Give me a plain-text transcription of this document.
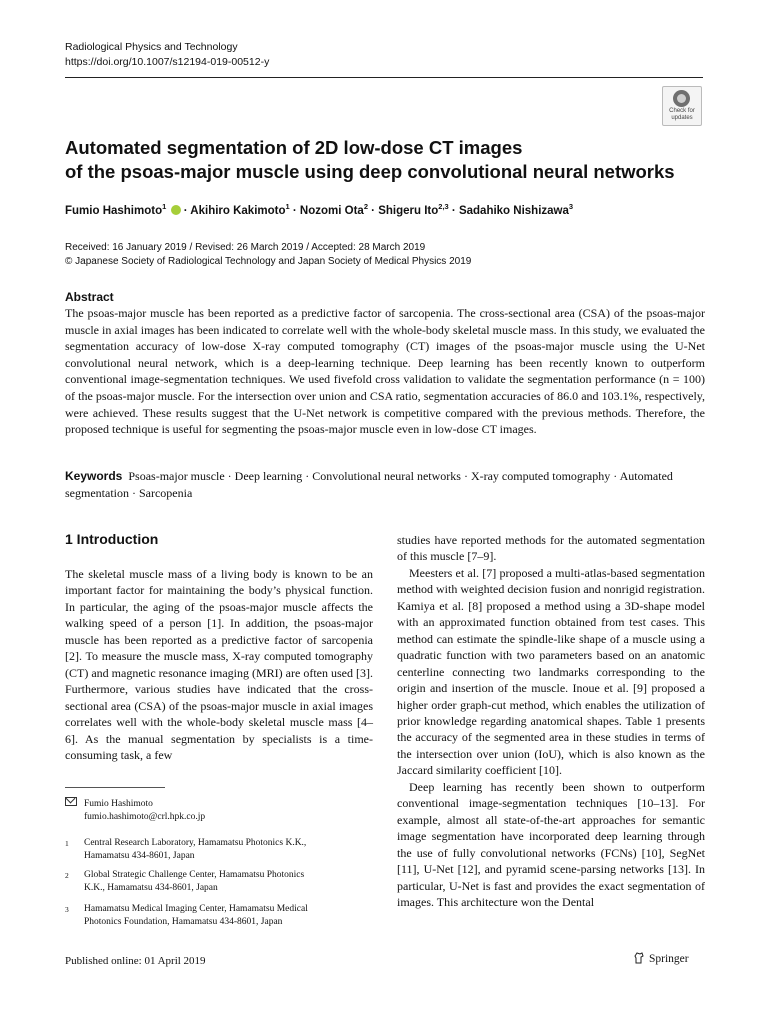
Radiological Physics and Technology
https://doi.org/10.1007/s12194-019-00512-y
Check for
updates
Automated segmentation of 2D low-dose CT images
of the psoas-major muscle using deep convolutional neural networks
Fumio Hashimoto$^1$  · Akihiro Kakimoto$^1$ · Nozomi Ota$^2$ · Shigeru Ito$^{2,3}$ · Sadahiko Nishizawa$^3$
Received: 16 January 2019 / Revised: 26 March 2019 / Accepted: 28 March 2019
© Japanese Society of Radiological Technology and Japan Society of Medical Physics 2019
Abstract
The psoas-major muscle has been reported as a predictive factor of sarcopenia. The cross-sectional area (CSA) of the psoas-major muscle in axial images has been indicated to correlate well with the whole-body skeletal muscle mass. In this study, we evaluated the segmentation accuracy of low-dose X-ray computed tomography (CT) images of the psoas-major muscle using the U-Net convolutional neural network, which is a deep-learning technique. Deep learning has been recently known to outperform conventional image-segmentation techniques. We used fivefold cross validation to validate the segmentation performance (n = 100) of the psoas-major muscle. For the intersection over union and CSA ratio, segmentation accuracies of 86.0 and 103.1%, respectively, were achieved. These results suggest that the U-Net network is competitive compared with the previous methods. Therefore, the proposed technique is useful for segmenting the psoas-major muscle even in low-dose CT images.
Keywords Psoas-major muscle · Deep learning · Convolutional neural networks · X-ray computed tomography · Automated segmentation · Sarcopenia
1 Introduction

The skeletal muscle mass of a living body is known to be an important factor for maintaining the body’s physical function. In particular, the aging of the psoas-major muscle affects the walking speed of a person [1]. In addition, the psoas-major muscle has been reported as a predictive factor of sarcopenia [2]. To measure the muscle mass, X-ray computed tomography (CT) and magnetic resonance imaging (MRI) are often used [3]. Furthermore, various studies have indicated that the cross-sectional area (CSA) of the psoas-major muscle in axial images correlates well with the whole-body skeletal muscle mass [4–6]. As the manual segmentation by specialists is a time-consuming task, a few

studies have reported methods for the automated segmentation of this muscle [7–9].

Meesters et al. [7] proposed a multi-atlas-based segmentation method with weighted decision fusion and nonrigid registration. Kamiya et al. [8] proposed a method using a 3D-shape model with an approximated function obtained from test cases. This method can estimate the spindle-like shape of a muscle using a quadratic function with two parameters based on an anatomic centerline connecting two landmarks corresponding to the origin and insertion of the muscle. Inoue et al. [9] proposed a higher order graph-cut method, which enables the utilization of prior knowledge regarding anatomical shapes. Table 1 presents the accuracy of the segmented area in these studies in terms of the intersection over union (IoU), which is also known as the Jaccard similarity coefficient [10].

Deep learning has recently been shown to outperform conventional image-segmentation techniques [10–13]. For example, almost all state-of-the-art approaches for semantic image segmentation have incorporated deep learning through the use of fully convolutional networks (FCNs) [10], SegNet [11], U-Net [12], and pyramid scene-parsing networks [13]. In particular, U-Net is fast and provides the exact segmentation of images. This architecture won the Dental

Fumio Hashimoto
fumio.hashimoto@crl.hpk.co.jp
1 Central Research Laboratory, Hamamatsu Photonics K.K.,
Hamamatsu 434-8601, Japan
2 Global Strategic Challenge Center, Hamamatsu Photonics
K.K., Hamamatsu 434-8601, Japan
3 Hamamatsu Medical Imaging Center, Hamamatsu Medical
Photonics Foundation, Hamamatsu 434-8601, Japan
Published online: 01 April 2019	Springer
